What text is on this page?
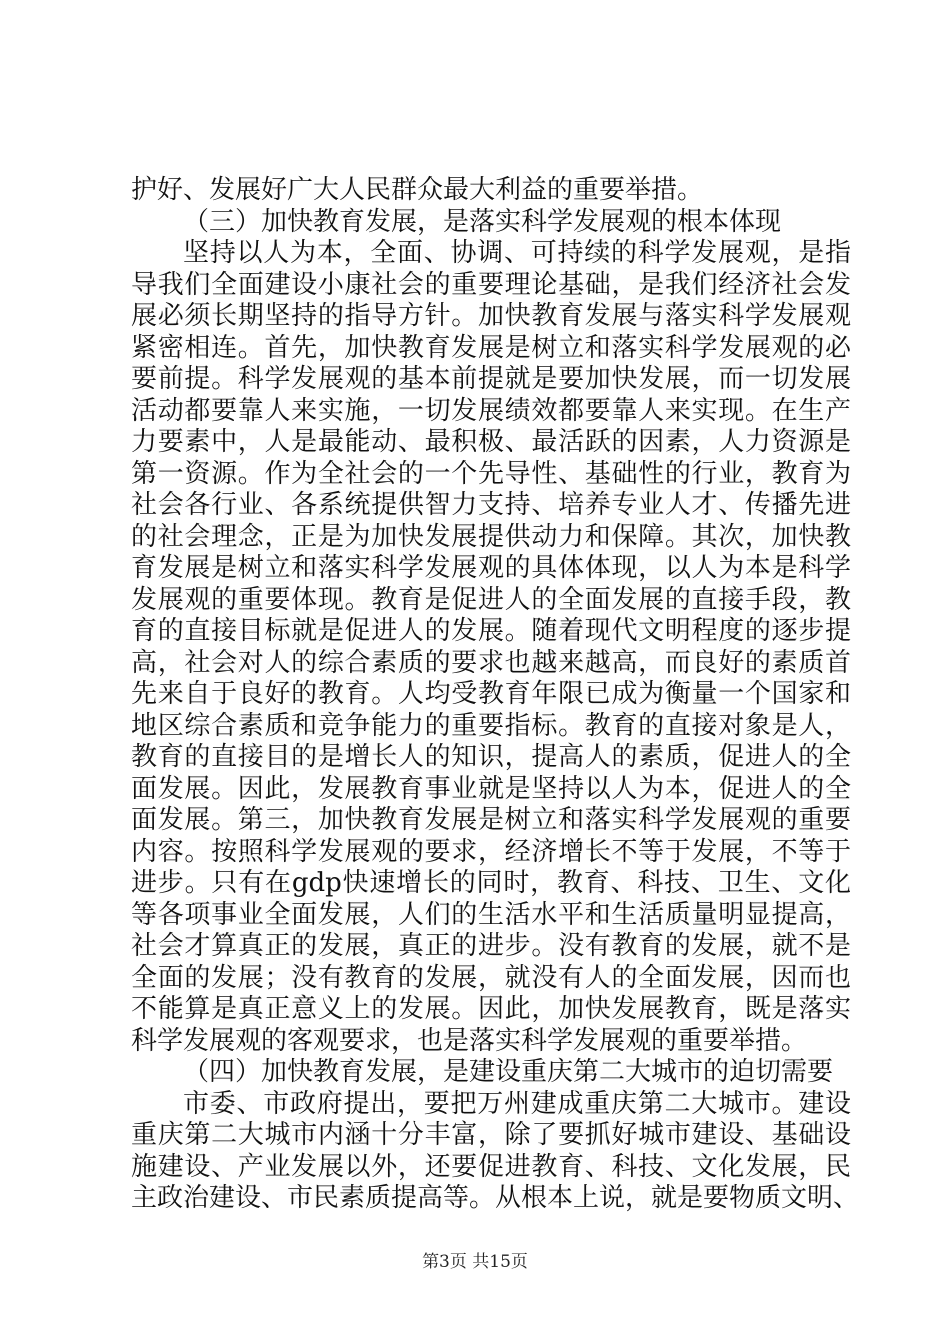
护好、发展好广大人民群众最大利益的重要举措。
（三）加快教育发展，是落实科学发展观的根本体现
坚持以人为本，全面、协调、可持续的科学发展观，是指
导我们全面建设小康社会的重要理论基础，是我们经济社会发
展必须长期坚持的指导方针。加快教育发展与落实科学发展观
紧密相连。首先，加快教育发展是树立和落实科学发展观的必
要前提。科学发展观的基本前提就是要加快发展，而一切发展
活动都要靠人来实施，一切发展绩效都要靠人来实现。在生产
力要素中，人是最能动、最积极、最活跃的因素，人力资源是
第一资源。作为全社会的一个先导性、基础性的行业，教育为
社会各行业、各系统提供智力支持、培养专业人才、传播先进
的社会理念，正是为加快发展提供动力和保障。其次，加快教
育发展是树立和落实科学发展观的具体体现，以人为本是科学
发展观的重要体现。教育是促进人的全面发展的直接手段，教
育的直接目标就是促进人的发展。随着现代文明程度的逐步提
高，社会对人的综合素质的要求也越来越高，而良好的素质首
先来自于良好的教育。人均受教育年限已成为衡量一个国家和
地区综合素质和竞争能力的重要指标。教育的直接对象是人，
教育的直接目的是增长人的知识，提高人的素质，促进人的全
面发展。因此，发展教育事业就是坚持以人为本，促进人的全
面发展。第三，加快教育发展是树立和落实科学发展观的重要
内容。按照科学发展观的要求，经济增长不等于发展，不等于
进步。只有在gdp快速增长的同时，教育、科技、卫生、文化
等各项事业全面发展，人们的生活水平和生活质量明显提高，
社会才算真正的发展，真正的进步。没有教育的发展，就不是
全面的发展；没有教育的发展，就没有人的全面发展，因而也
不能算是真正意义上的发展。因此，加快发展教育，既是落实
科学发展观的客观要求，也是落实科学发展观的重要举措。
（四）加快教育发展，是建设重庆第二大城市的迫切需要
市委、市政府提出，要把万州建成重庆第二大城市。建设
重庆第二大城市内涵十分丰富，除了要抓好城市建设、基础设
施建设、产业发展以外，还要促进教育、科技、文化发展，民
主政治建设、市民素质提高等。从根本上说，就是要物质文明、
第3页 共15页
